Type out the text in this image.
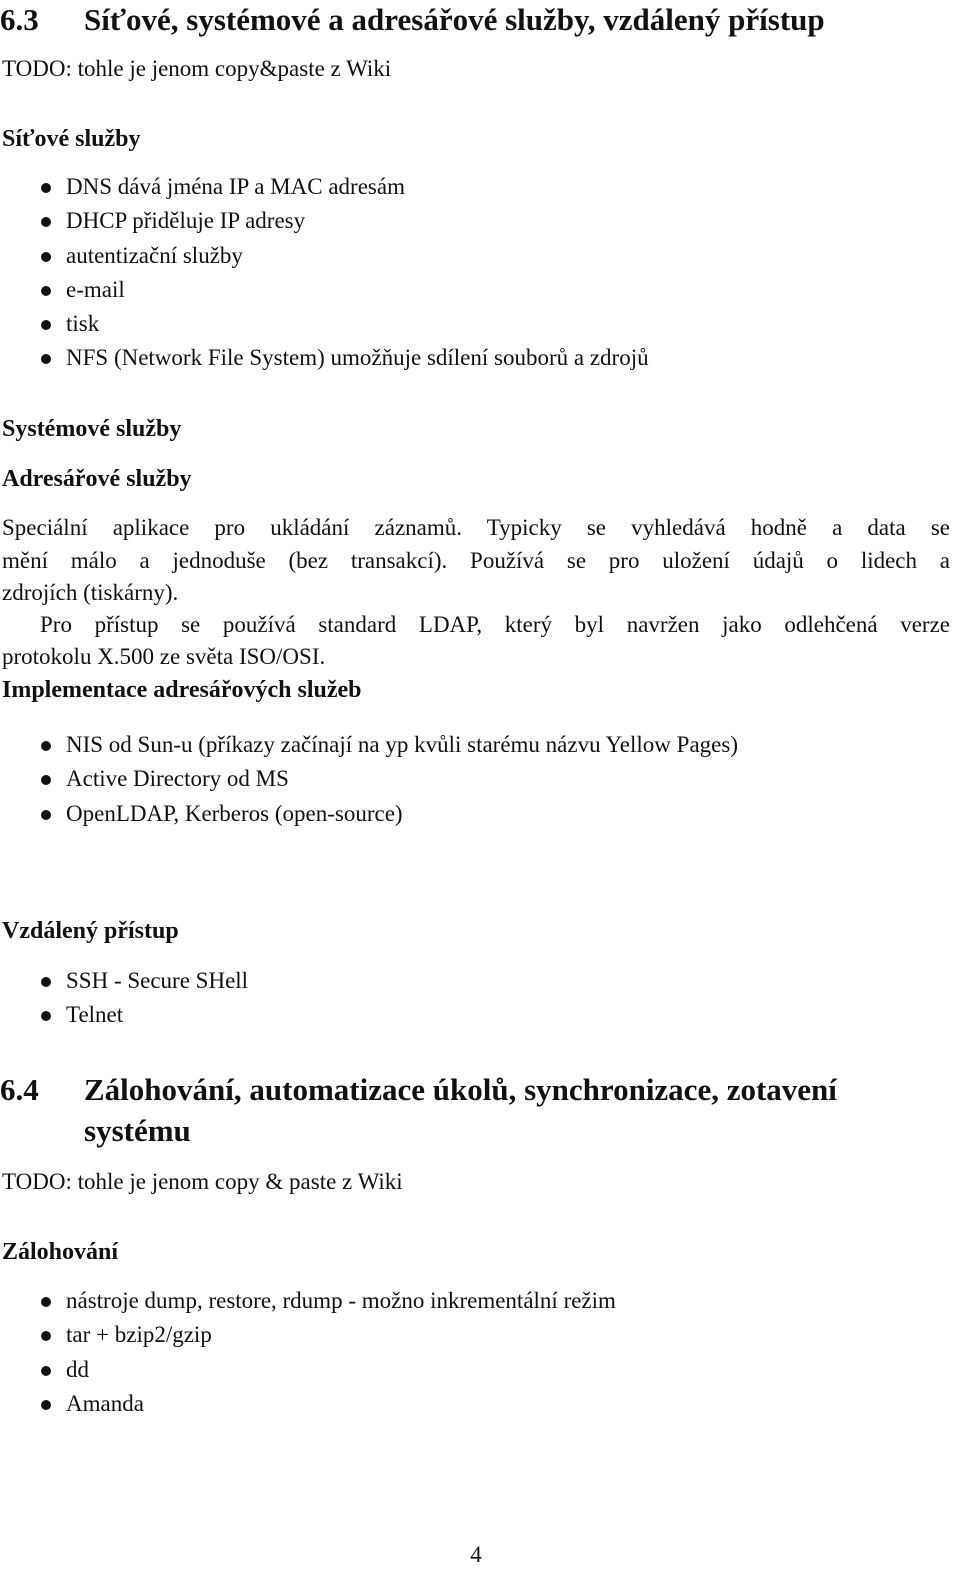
6.3 Síťové, systémové a adresářové služby, vzdálený přístup

TODO: tohle je jenom copy&paste z Wiki

Síťové služby
DNS dává jména IP a MAC adresám
DHCP přiděluje IP adresy
autentizační služby
e-mail
tisk
NFS (Network File System) umožňuje sdílení souborů a zdrojů
Systémové služby
Adresářové služby

Speciální aplikace pro ukládání záznamů. Typicky se vyhledává hodně a data se

mění málo a jednoduše (bez transakcí). Používá se pro uložení údajů o lidech a

zdrojích (tiskárny).

Pro přístup se používá standard LDAP, který byl navržen jako odlehčená verze

protokolu X.500 ze světa ISO/OSI.

Implementace adresářových služeb
NIS od Sun-u (příkazy začínají na yp kvůli starému názvu Yellow Pages)
Active Directory od MS
OpenLDAP, Kerberos (open-source)
Vzdálený přístup
SSH - Secure SHell
Telnet
6.4 Zálohování, automatizace úkolů, synchronizace, zotavení
systému

TODO: tohle je jenom copy & paste z Wiki

Zálohování
nástroje dump, restore, rdump - možno inkrementální režim
tar + bzip2/gzip
dd
Amanda

4
